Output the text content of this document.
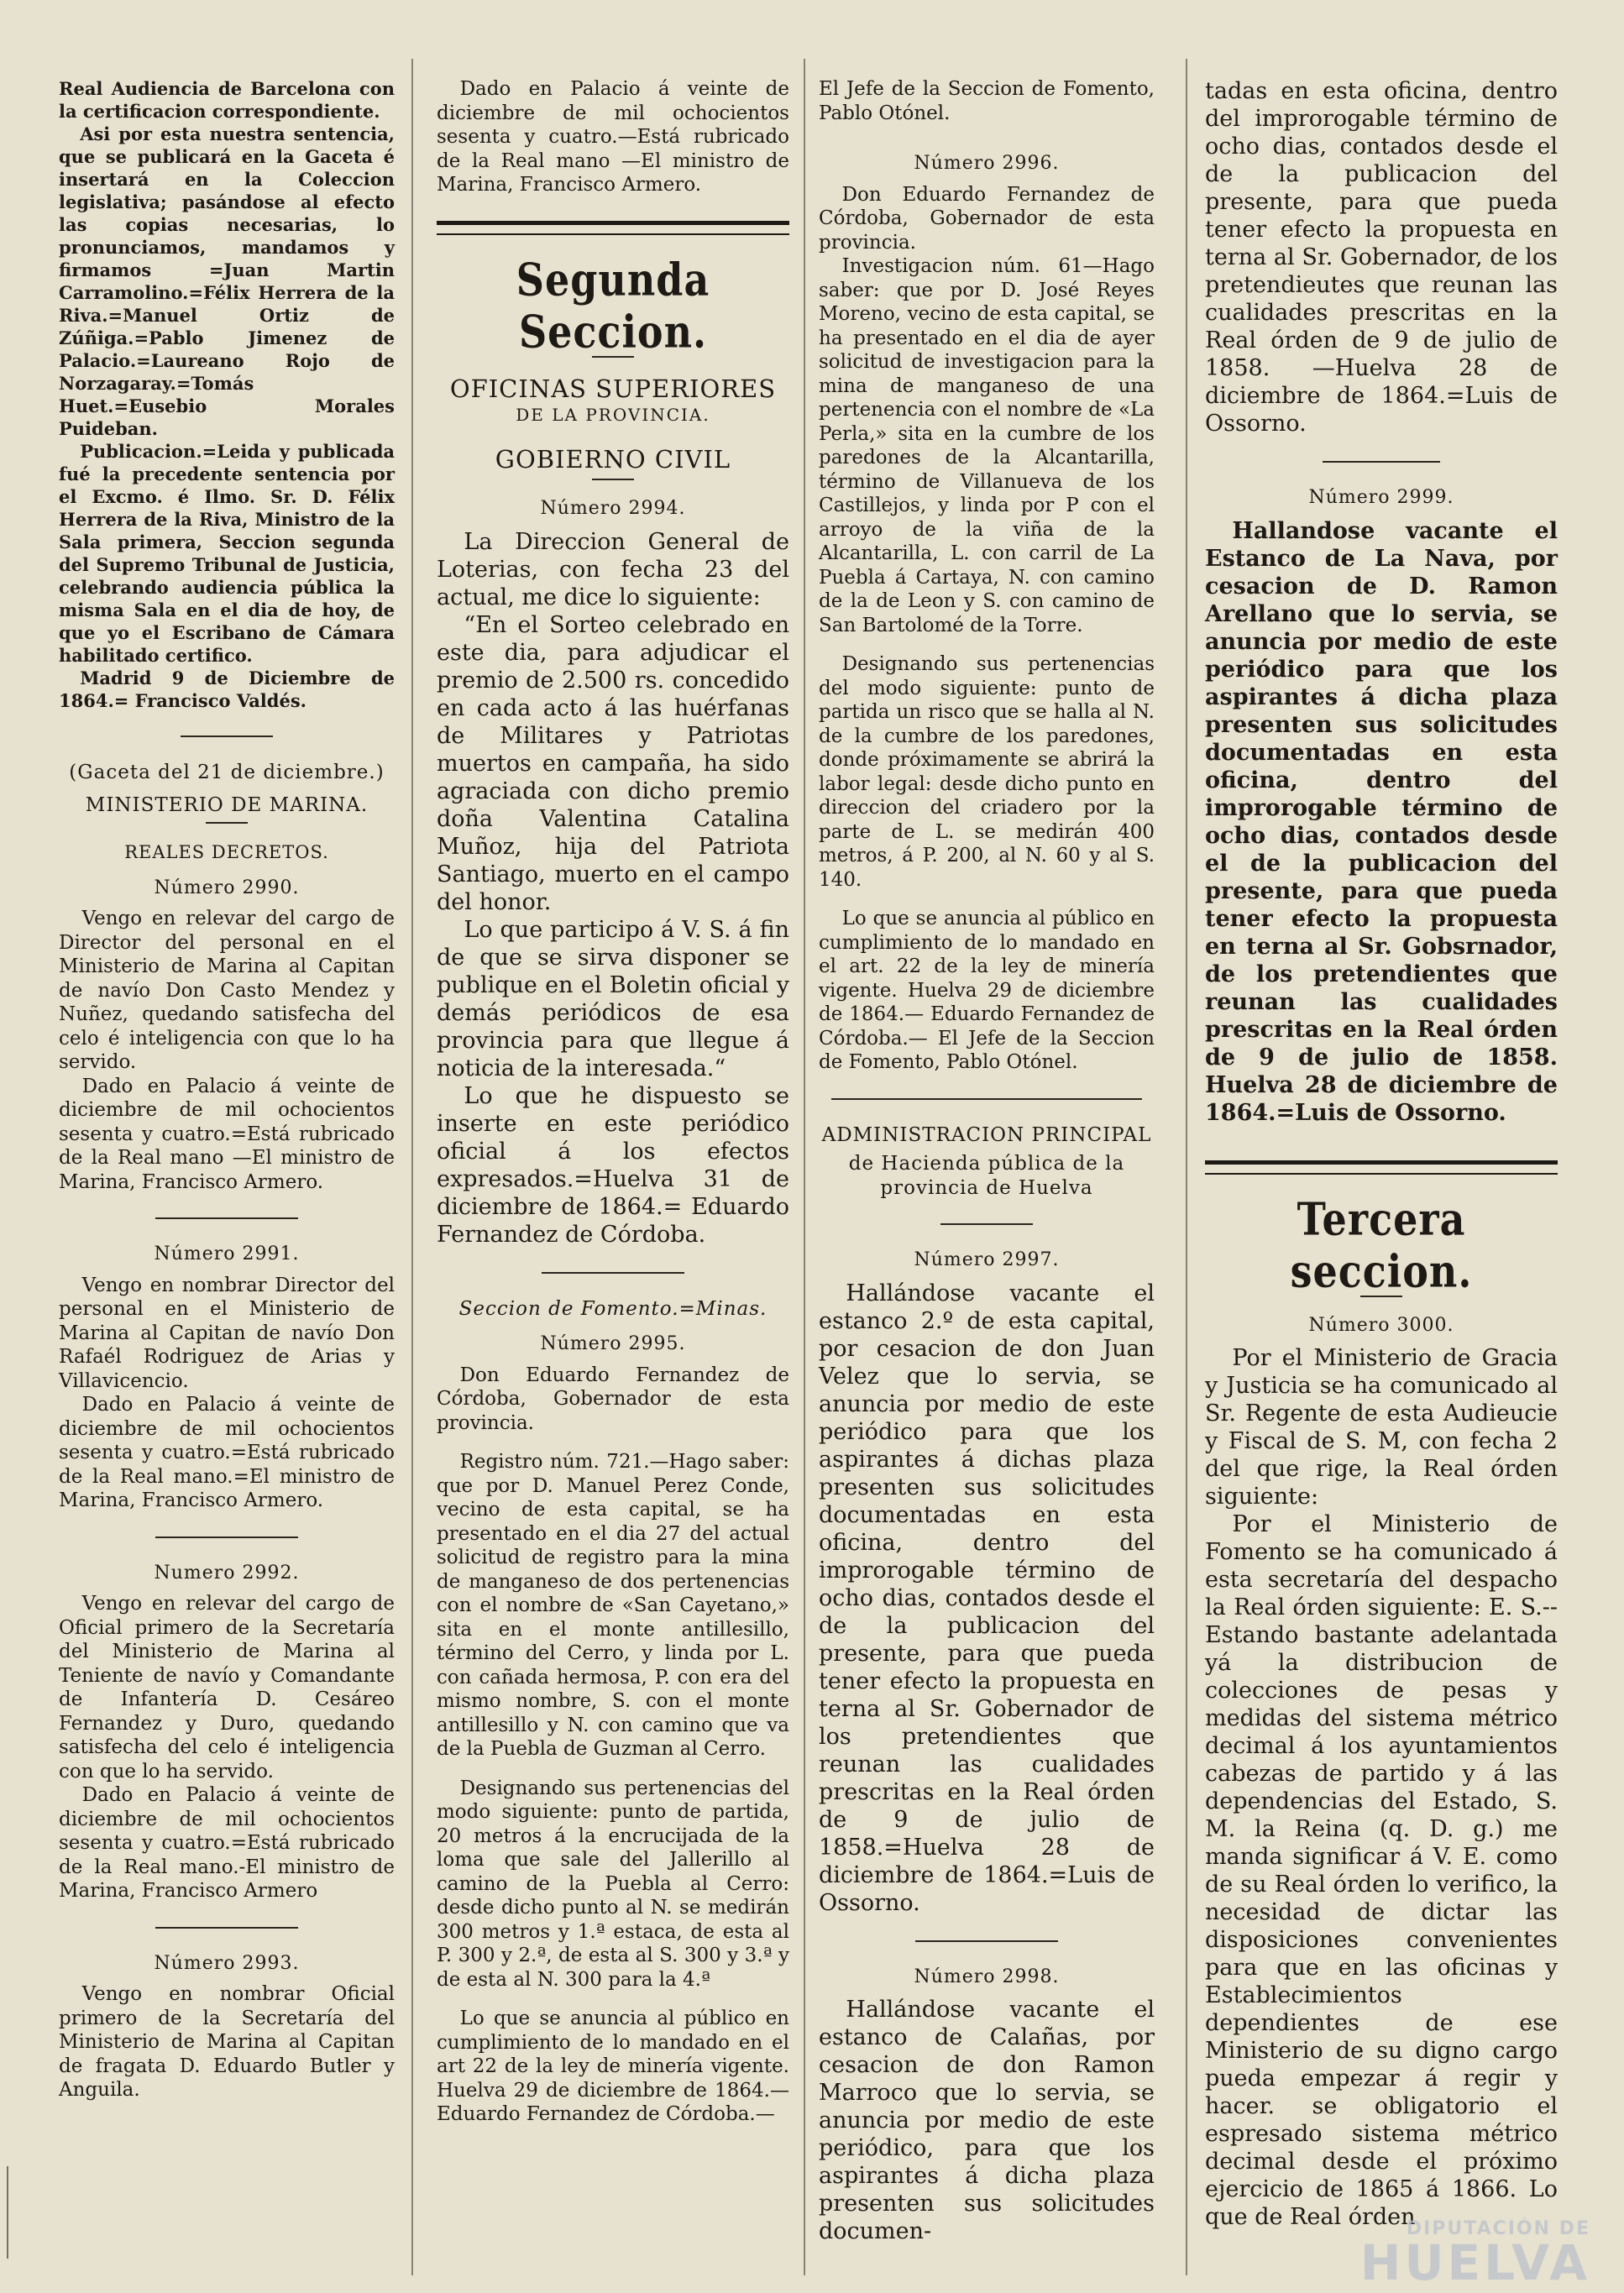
Real Audiencia de Barcelona con la certificacion correspondiente.

Asi por esta nuestra sentencia, que se publicará en la Gaceta é insertará en la Coleccion legislativa; pasándose al efecto las copias necesarias, lo pronunciamos, mandamos y firmamos =Juan Martin Carramolino.=Félix Herrera de la Riva.=Manuel Ortiz de Zúñiga.=Pablo Jimenez de Palacio.=Laureano Rojo de Norzagaray.=Tomás Huet.=Eusebio Morales Puideban.

Publicacion.=Leida y publicada fué la precedente sentencia por el Excmo. é Ilmo. Sr. D. Félix Herrera de la Riva, Ministro de la Sala primera, Seccion segunda del Supremo Tribunal de Justicia, celebrando audiencia pública la misma Sala en el dia de hoy, de que yo el Escribano de Cámara habilitado certifico.

Madrid 9 de Diciembre de 1864.= Francisco Valdés.

(Gaceta del 21 de diciembre.)

MINISTERIO DE MARINA.

REALES DECRETOS.

Número 2990.

Vengo en relevar del cargo de Director del personal en el Ministerio de Marina al Capitan de navío Don Casto Mendez y Nuñez, quedando satisfecha del celo é inteligencia con que lo ha servido.

Dado en Palacio á veinte de diciembre de mil ochocientos sesenta y cuatro.=Está rubricado de la Real mano —El ministro de Marina, Francisco Armero.

Número 2991.

Vengo en nombrar Director del personal en el Ministerio de Marina al Capitan de navío Don Rafaél Rodriguez de Arias y Villavicencio.

Dado en Palacio á veinte de diciembre de mil ochocientos sesenta y cuatro.=Está rubricado de la Real mano.=El ministro de Marina, Francisco Armero.

Numero 2992.

Vengo en relevar del cargo de Oficial primero de la Secretaría del Ministerio de Marina al Teniente de navío y Comandante de Infantería D. Cesáreo Fernandez y Duro, quedando satisfecha del celo é inteligencia con que lo ha servido.

Dado en Palacio á veinte de diciembre de mil ochocientos sesenta y cuatro.=Está rubricado de la Real mano.-El ministro de Marina, Francisco Armero

Número 2993.

Vengo en nombrar Oficial primero de la Secretaría del Ministerio de Marina al Capitan de fragata D. Eduardo Butler y Anguila.

Dado en Palacio á veinte de diciembre de mil ochocientos sesenta y cuatro.—Está rubricado de la Real mano —El ministro de Marina, Francisco Armero.

Segunda Seccion.

OFICINAS SUPERIORES

DE LA PROVINCIA.

GOBIERNO CIVIL

Número 2994.

La Direccion General de Loterias, con fecha 23 del actual, me dice lo siguiente:

“En el Sorteo celebrado en este dia, para adjudicar el premio de 2.500 rs. concedido en cada acto á las huérfanas de Militares y Patriotas muertos en campaña, ha sido agraciada con dicho premio doña Valentina Catalina Muñoz, hija del Patriota Santiago, muerto en el campo del honor.

Lo que participo á V. S. á fin de que se sirva disponer se publique en el Boletin oficial y demás periódicos de esa provincia para que llegue á noticia de la interesada.“

Lo que he dispuesto se inserte en este periódico oficial á los efectos expresados.=Huelva 31 de diciembre de 1864.= Eduardo Fernandez de Córdoba.

Seccion de Fomento.=Minas.

Número 2995.

Don Eduardo Fernandez de Córdoba, Gobernador de esta provincia.

Registro núm. 721.—Hago saber: que por D. Manuel Perez Conde, vecino de esta capital, se ha presentado en el dia 27 del actual solicitud de registro para la mina de manganeso de dos pertenencias con el nombre de «San Cayetano,» sita en el monte antillesillo, término del Cerro, y linda por L. con cañada hermosa, P. con era del mismo nombre, S. con el monte antillesillo y N. con camino que va de la Puebla de Guzman al Cerro.

Designando sus pertenencias del modo siguiente: punto de partida, 20 metros á la encrucijada de la loma que sale del Jallerillo al camino de la Puebla al Cerro: desde dicho punto al N. se medirán 300 metros y 1.ª estaca, de esta al P. 300 y 2.ª, de esta al S. 300 y 3.ª y de esta al N. 300 para la 4.ª

Lo que se anuncia al público en cumplimiento de lo mandado en el art 22 de la ley de minería vigente. Huelva 29 de diciembre de 1864.— Eduardo Fernandez de Córdoba.—

El Jefe de la Seccion de Fomento, Pablo Otónel.

Número 2996.

Don Eduardo Fernandez de Córdoba, Gobernador de esta provincia.

Investigacion núm. 61—Hago saber: que por D. José Reyes Moreno, vecino de esta capital, se ha presentado en el dia de ayer solicitud de investigacion para la mina de manganeso de una pertenencia con el nombre de «La Perla,» sita en la cumbre de los paredones de la Alcantarilla, término de Villanueva de los Castillejos, y linda por P con el arroyo de la viña de la Alcantarilla, L. con carril de La Puebla á Cartaya, N. con camino de la de Leon y S. con camino de San Bartolomé de la Torre.

Designando sus pertenencias del modo siguiente: punto de partida un risco que se halla al N. de la cumbre de los paredones, donde próximamente se abrirá la labor legal: desde dicho punto en direccion del criadero por la parte de L. se medirán 400 metros, á P. 200, al N. 60 y al S. 140.

Lo que se anuncia al público en cumplimiento de lo mandado en el art. 22 de la ley de minería vigente. Huelva 29 de diciembre de 1864.— Eduardo Fernandez de Córdoba.— El Jefe de la Seccion de Fomento, Pablo Otónel.

ADMINISTRACION PRINCIPAL

de Hacienda pública de la provincia de Huelva

Número 2997.

Hallándose vacante el estanco 2.º de esta capital, por cesacion de don Juan Velez que lo servia, se anuncia por medio de este periódico para que los aspirantes á dichas plaza presenten sus solicitudes documentadas en esta oficina, dentro del improrogable término de ocho dias, contados desde el de la publicacion del presente, para que pueda tener efecto la propuesta en terna al Sr. Gobernador de los pretendientes que reunan las cualidades prescritas en la Real órden de 9 de julio de 1858.=Huelva 28 de diciembre de 1864.=Luis de Ossorno.

Número 2998.

Hallándose vacante el estanco de Calañas, por cesacion de don Ramon Marroco que lo servia, se anuncia por medio de este periódico, para que los aspirantes á dicha plaza presenten sus solicitudes documen-

tadas en esta oficina, dentro del improrogable término de ocho dias, contados desde el de la publicacion del presente, para que pueda tener efecto la propuesta en terna al Sr. Gobernador, de los pretendieutes que reunan las cualidades prescritas en la Real órden de 9 de julio de 1858. —Huelva 28 de diciembre de 1864.=Luis de Ossorno.

Número 2999.

Hallandose vacante el Estanco de La Nava, por cesacion de D. Ramon Arellano que lo servia, se anuncia por medio de este periódico para que los aspirantes á dicha plaza presenten sus solicitudes documentadas en esta oficina, dentro del improrogable término de ocho dias, contados desde el de la publicacion del presente, para que pueda tener efecto la propuesta en terna al Sr. Gobsrnador, de los pretendientes que reunan las cualidades prescritas en la Real órden de 9 de julio de 1858. Huelva 28 de diciembre de 1864.=Luis de Ossorno.

Tercera seccion.

Número 3000.

Por el Ministerio de Gracia y Justicia se ha comunicado al Sr. Regente de esta Audieucie y Fiscal de S. M, con fecha 2 del que rige, la Real órden siguiente:

Por el Ministerio de Fomento se ha comunicado á esta secretaría del despacho la Real órden siguiente: E. S.--Estando bastante adelantada yá la distribucion de colecciones de pesas y medidas del sistema métrico decimal á los ayuntamientos cabezas de partido y á las dependencias del Estado, S. M. la Reina (q. D. g.) me manda significar á V. E. como de su Real órden lo verifico, la necesidad de dictar las disposiciones convenientes para que en las oficinas y Establecimientos dependientes de ese Ministerio de su digno cargo pueda empezar á regir y hacer. se obligatorio el espresado sistema métrico decimal desde el próximo ejercicio de 1865 á 1866. Lo que de Real órden

DIPUTACIÓN DE
HUELVA
